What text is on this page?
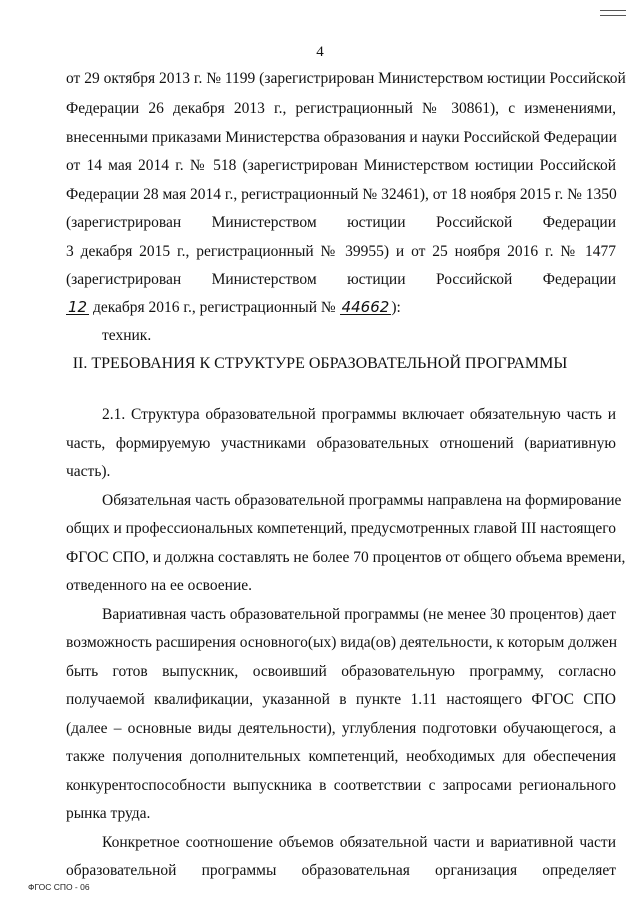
4
от 29 октября 2013 г. № 1199 (зарегистрирован Министерством юстиции Российской
Федерации 26 декабря 2013 г., регистрационный № 30861), с изменениями,
внесенными приказами Министерства образования и науки Российской Федерации
от 14 мая 2014 г. № 518 (зарегистрирован Министерством юстиции Российской
Федерации 28 мая 2014 г., регистрационный № 32461), от 18 ноября 2015 г. № 1350
(зарегистрирован Министерством юстиции Российской Федерации
3 декабря 2015 г., регистрационный № 39955) и от 25 ноября 2016 г. № 1477
(зарегистрирован Министерством юстиции Российской Федерации
12 декабря 2016 г., регистрационный № 44662 ):
техник.
II. ТРЕБОВАНИЯ К СТРУКТУРЕ ОБРАЗОВАТЕЛЬНОЙ ПРОГРАММЫ
2.1. Структура образовательной программы включает обязательную часть и
часть, формируемую участниками образовательных отношений (вариативную
часть).
Обязательная часть образовательной программы направлена на формирование
общих и профессиональных компетенций, предусмотренных главой III настоящего
ФГОС СПО, и должна составлять не более 70 процентов от общего объема времени,
отведенного на ее освоение.
Вариативная часть образовательной программы (не менее 30 процентов) дает
возможность расширения основного(ых) вида(ов) деятельности, к которым должен
быть готов выпускник, освоивший образовательную программу, согласно
получаемой квалификации, указанной в пункте 1.11 настоящего ФГОС СПО
(далее – основные виды деятельности), углубления подготовки обучающегося, а
также получения дополнительных компетенций, необходимых для обеспечения
конкурентоспособности выпускника в соответствии с запросами регионального
рынка труда.
Конкретное соотношение объемов обязательной части и вариативной части
образовательной программы образовательная организация определяет
ФГОС СПО - 06
